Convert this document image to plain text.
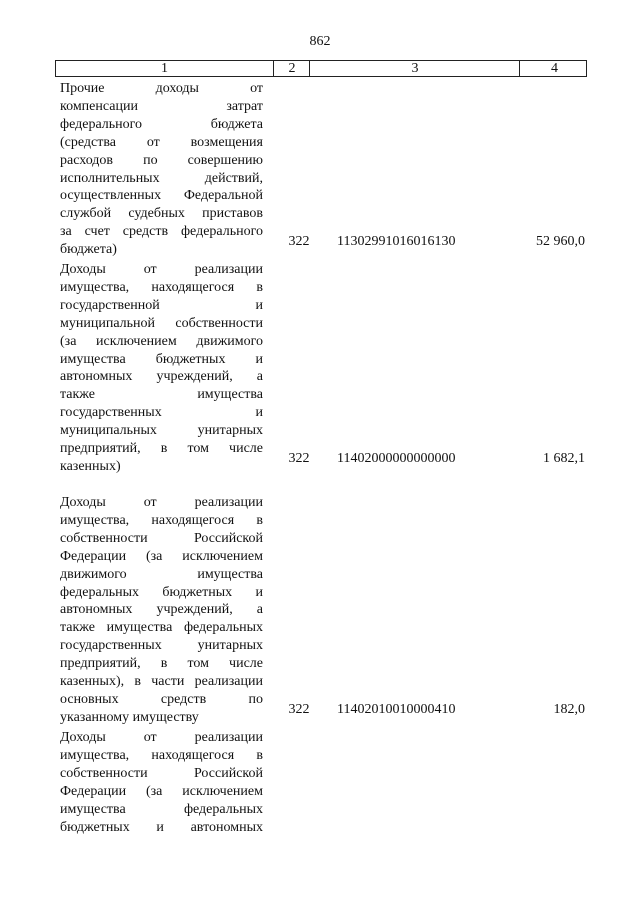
862
1	2	3	4
Прочие доходы от
компенсации затрат
федерального бюджета
(средства от возмещения
расходов по совершению
исполнительных действий,
осуществленных Федеральной
службой судебных приставов
за счет средств федерального
бюджета)
322 11302991016016130	52 960,0
Доходы от реализации
имущества, находящегося в
государственной и
муниципальной собственности
(за исключением движимого
имущества бюджетных и
автономных учреждений, а
также имущества
государственных и
муниципальных унитарных
предприятий, в том числе
казенных)
322 11402000000000000	1 682,1
Доходы от реализации
имущества, находящегося в
собственности Российской
Федерации (за исключением
движимого имущества
федеральных бюджетных и
автономных учреждений, а
также имущества федеральных
государственных унитарных
предприятий, в том числе
казенных), в части реализации
основных средств по
указанному имуществу
322 11402010010000410	182,0
Доходы от реализации
имущества, находящегося в
собственности Российской
Федерации (за исключением
имущества федеральных
бюджетных и автономных
